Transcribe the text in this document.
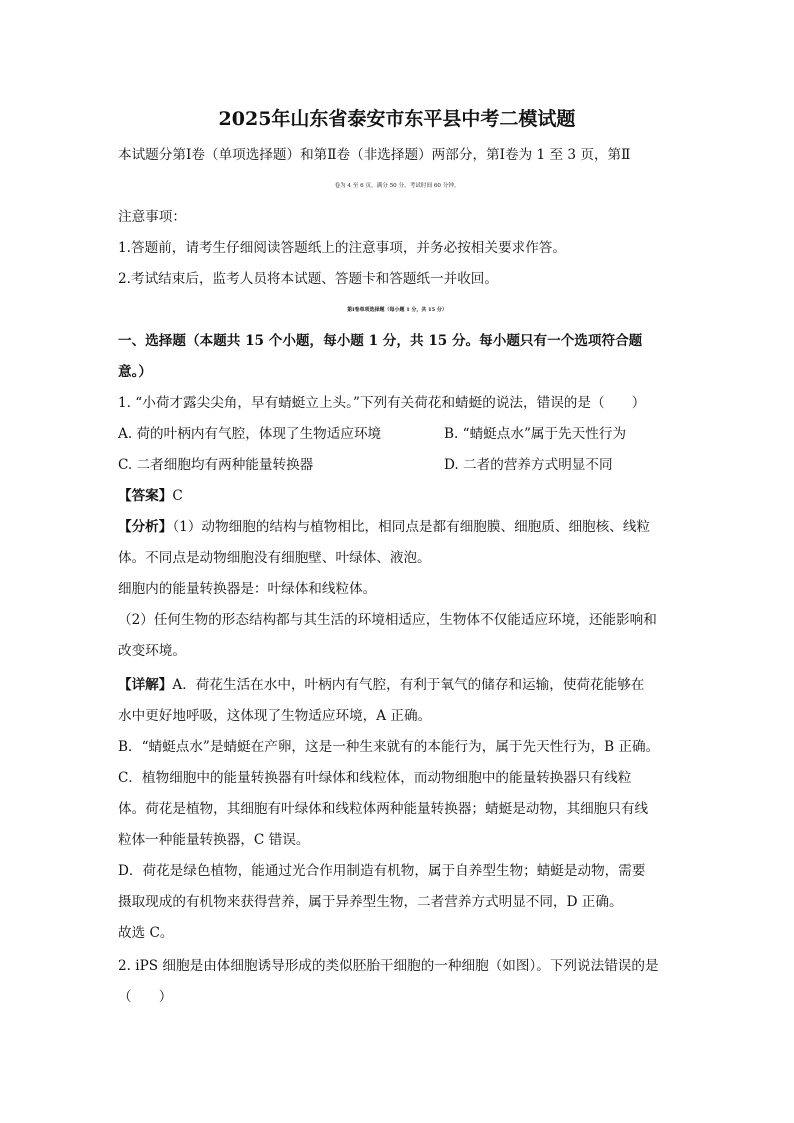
2025年山东省泰安市东平县中考二模试题
本试题分第Ⅰ卷（单项选择题）和第Ⅱ卷（非选择题）两部分，第Ⅰ卷为 1 至 3 页，第Ⅱ
卷为 4 至 6 页。满分 50 分，考试时间 60 分钟。
注意事项：
1.答题前，请考生仔细阅读答题纸上的注意事项，并务必按相关要求作答。
2.考试结束后，监考人员将本试题、答题卡和答题纸一并收回。
第Ⅰ卷单项选择题（每小题 1 分，共 15 分）
一、选择题（本题共 15 个小题，每小题 1 分，共 15 分。每小题只有一个选项符合题
意。）
1. “小荷才露尖尖角，早有蜻蜓立上头。”下列有关荷花和蜻蜓的说法，错误的是（　　）
A. 荷的叶柄内有气腔，体现了生物适应环境	B. “蜻蜓点水”属于先天性行为
C. 二者细胞均有两种能量转换器	D. 二者的营养方式明显不同
【答案】C
【分析】（1）动物细胞的结构与植物相比，相同点是都有细胞膜、细胞质、细胞核、线粒
体。不同点是动物细胞没有细胞壁、叶绿体、液泡。
细胞内的能量转换器是：叶绿体和线粒体。
（2）任何生物的形态结构都与其生活的环境相适应，生物体不仅能适应环境，还能影响和
改变环境。
【详解】A．荷花生活在水中，叶柄内有气腔，有利于氧气的储存和运输，使荷花能够在
水中更好地呼吸，这体现了生物适应环境，A 正确。
B．“蜻蜓点水”是蜻蜓在产卵，这是一种生来就有的本能行为，属于先天性行为，B 正确。
C．植物细胞中的能量转换器有叶绿体和线粒体，而动物细胞中的能量转换器只有线粒
体。荷花是植物，其细胞有叶绿体和线粒体两种能量转换器；蜻蜓是动物，其细胞只有线
粒体一种能量转换器，C 错误。
D．荷花是绿色植物，能通过光合作用制造有机物，属于自养型生物；蜻蜓是动物，需要
摄取现成的有机物来获得营养，属于异养型生物，二者营养方式明显不同，D 正确。
故选 C。
2. iPS 细胞是由体细胞诱导形成的类似胚胎干细胞的一种细胞（如图）。下列说法错误的是
（　　）
